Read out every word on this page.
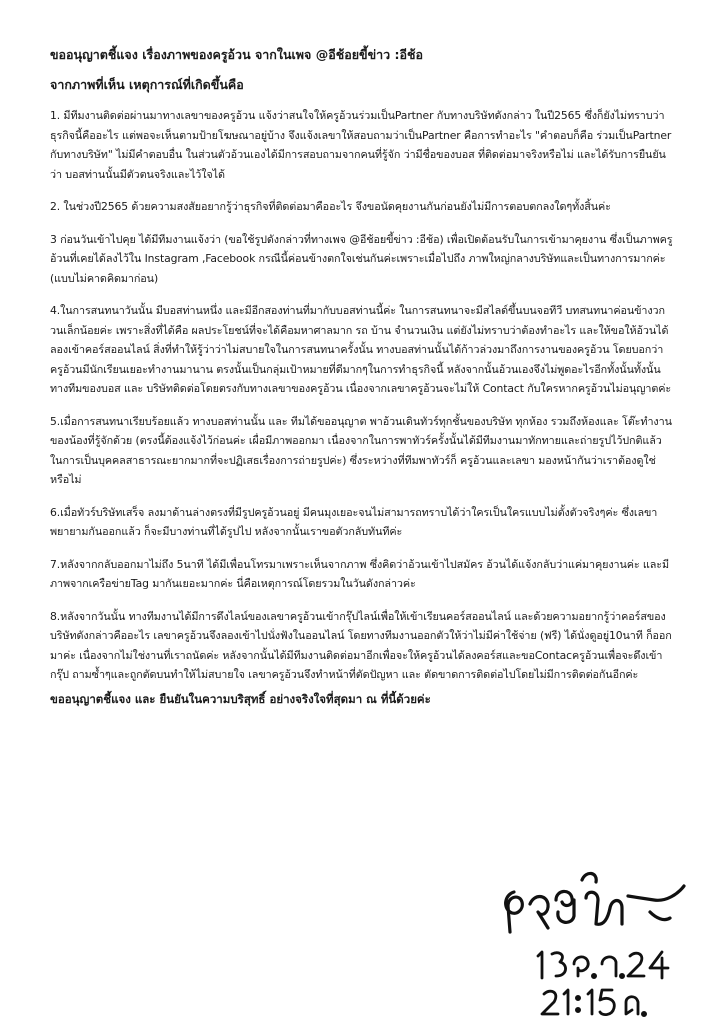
ขออนุญาตชี้แจง เรื่องภาพของครูอ้วน จากในเพจ @อีช้อยขี้ข่าว :อีช้อ

จากภาพที่เห็น เหตุการณ์ที่เกิดขึ้นคือ

1. มีทีมงานติดต่อผ่านมาทางเลขาของครูอ้วน แจ้งว่าสนใจให้ครูอ้วนร่วมเป็นPartner กับทางบริษัทดังกล่าว ในปี2565 ซึ่งก็ยังไม่ทราบว่าธุรกิจนี้คืออะไร แต่พอจะเห็นตามป้ายโฆษณาอยู่บ้าง จึงแจ้งเลขาให้สอบถามว่าเป็นPartner คือการทำอะไร "คำตอบก็คือ ร่วมเป็นPartner กับทางบริษัท" ไม่มีคำตอบอื่น ในส่วนตัวอ้วนเองได้มีการสอบถามจากคนที่รู้จัก ว่ามีชื่อของบอส ที่ติดต่อมาจริงหรือไม่ และได้รับการยืนยันว่า บอสท่านนั้นมีตัวตนจริงและไว้ใจได้

2. ในช่วงปี2565 ด้วยความสงสัยอยากรู้ว่าธุรกิจที่ติดต่อมาคืออะไร จึงขอนัดคุยงานกันก่อนยังไม่มีการตอบตกลงใดๆทั้งสิ้นค่ะ

3 ก่อนวันเข้าไปคุย ได้มีทีมงานแจ้งว่า (ขอใช้รูปดังกล่าวที่ทางเพจ @อีช้อยขี้ข่าว :อีช้อ) เพื่อเปิดต้อนรับในการเข้ามาคุยงาน ซึ่งเป็นภาพครูอ้วนที่เคยได้ลงไว้ใน Instagram ,Facebook กรณีนี้ค่อนข้างตกใจเช่นกันค่ะเพราะเมื่อไปถึง ภาพใหญ่กลางบริษัทและเป็นทางการมากค่ะ (แบบไม่คาดคิดมาก่อน)

4.ในการสนทนาวันนั้น มีบอสท่านหนึ่ง และมีอีกสองท่านที่มากับบอสท่านนี้ค่ะ ในการสนทนาจะมีสไลด์ขึ้นบนจอทีวี บทสนทนาค่อนข้างวกวนเล็กน้อยค่ะ เพราะสิ่งที่ได้คือ ผลประโยชน์ที่จะได้คือมหาศาลมาก รถ บ้าน จำนวนเงิน แต่ยังไม่ทราบว่าต้องทำอะไร และให้ขอให้อ้วนได้ลองเข้าคอร์สออนไลน์ สิ่งที่ทำให้รู้ว่าว่าไม่สบายใจในการสนทนาครั้งนั้น ทางบอสท่านนั้นได้ก้าวล่วงมาถึงการงานของครูอ้วน โดยบอกว่าครูอ้วนมีนักเรียนเยอะทำงานมานาน ตรงนั้นเป็นกลุ่มเป้าหมายที่ดีมากๆในการทำธุรกิจนี้ หลังจากนั้นอ้วนเองจึงไม่พูดอะไรอีกทั้งนั้นทั้งนั้น ทางทีมของบอส และ บริษัทติดต่อโดยตรงกับทางเลขาของครูอ้วน เนื่องจากเลขาครูอ้วนจะไม่ให้ Contact กับใครหากครูอ้วนไม่อนุญาตค่ะ

5.เมื่อการสนทนาเรียบร้อยแล้ว ทางบอสท่านนั้น และ ทีมได้ขออนุญาต พาอ้วนเดินทัวร์ทุกชั้นของบริษัท ทุกห้อง รวมถึงห้องและ โต๊ะทำงานของน้องที่รู้จักด้วย (ตรงนี้ต้องแจ้งไว้ก่อนค่ะ เผื่อมีภาพออกมา เนื่องจากในการพาทัวร์ครั้งนั้นได้มีทีมงานมาทักทายและถ่ายรูปไว้ปกติแล้วในการเป็นบุคคลสาธารณะยากมากที่จะปฏิเสธเรื่องการถ่ายรูปค่ะ) ซึ่งระหว่างที่ทีมพาทัวร์ก็ ครูอ้วนและเลขา มองหน้ากันว่าเราต้องดูใช่หรือไม่

6.เมื่อทัวร์บริษัทเสร็จ ลงมาด้านล่างตรงที่มีรูปครูอ้วนอยู่ มีคนมุงเยอะจนไม่สามารถทราบได้ว่าใครเป็นใครแบบไม่ตั้งตัวจริงๆค่ะ ซึ่งเลขาพยายามกันออกแล้ว ก็จะมีบางท่านที่ได้รูปไป หลังจากนั้นเราขอตัวกลับทันทีค่ะ

7.หลังจากกลับออกมาไม่ถึง 5นาที ได้มีเพื่อนโทรมาเพราะเห็นจากภาพ ซึ่งคิดว่าอ้วนเข้าไปสมัคร อ้วนได้แจ้งกลับว่าแค่มาคุยงานค่ะ และมีภาพจากเครือข่ายTag มากันเยอะมากค่ะ นี่คือเหตุการณ์โดยรวมในวันดังกล่าวค่ะ

8.หลังจากวันนั้น ทางทีมงานได้มีการดึงไลน์ของเลขาครูอ้วนเข้ากรุ๊ปไลน์เพื่อให้เข้าเรียนคอร์สออนไลน์ และด้วยความอยากรู้ว่าคอร์สของบริษัทดังกล่าวคืออะไร เลขาครูอ้วนจึงลองเข้าไปนั่งฟังในออนไลน์ โดยทางทีมงานออกตัวให้ว่าไม่มีค่าใช้จ่าย (ฟรี) ได้นั่งดูอยู่10นาที ก็ออกมาค่ะ เนื่องจากไม่ใช่งานที่เราถนัดค่ะ หลังจากนั้นได้มีทีมงานติดต่อมาอีกเพื่อจะให้ครูอ้วนได้ลงคอร์สและขอContacครูอ้วนเพื่อจะดึงเข้ากรุ๊ป ถามซ้ำๆและถูกตัดบนทำให้ไม่สบายใจ เลขาครูอ้วนจึงทำหน้าที่ตัดปัญหา และ ตัดขาดการติดต่อไปโดยไม่มีการติดต่อกันอีกค่ะ

ขออนุญาตชี้แจง และ ยืนยันในความบริสุทธิ์ อย่างจริงใจที่สุดมา ณ ที่นี้ด้วยค่ะ
